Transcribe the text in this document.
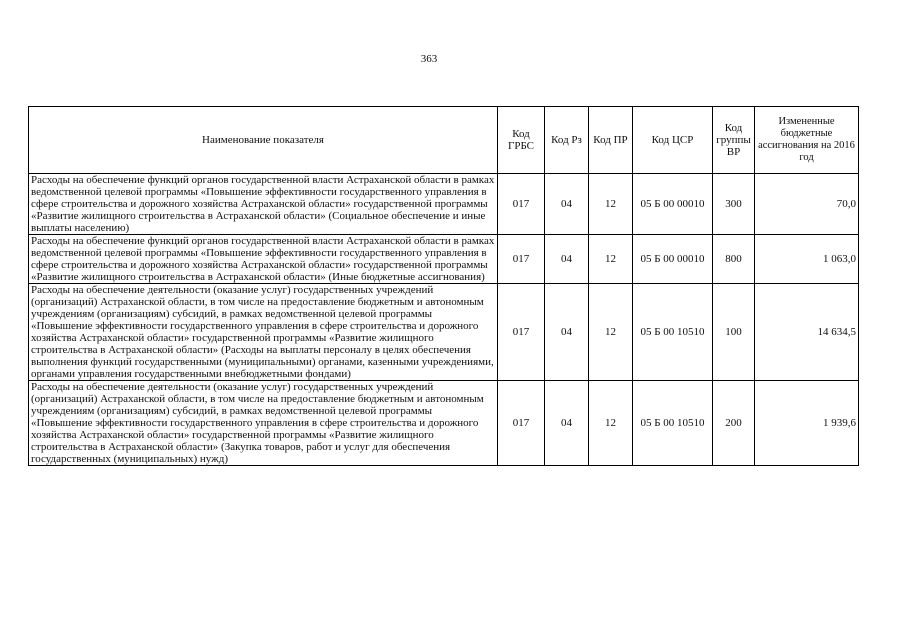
363
Наименование показателя	Код ГРБС	Код Рз	Код ПР	Код ЦСР	Код группы ВР	Измененные бюджетные ассигнования на 2016 год
Расходы на обеспечение функций органов государственной власти Астраханской области в рамках ведомственной целевой программы «Повышение эффективности государственного управления в сфере строительства и дорожного хозяйства Астраханской области» государственной программы «Развитие жилищного строительства в Астраханской области» (Социальное обеспечение и иные выплаты населению)	017	04	12	05 Б 00 00010	300	70,0
Расходы на обеспечение функций органов государственной власти Астраханской области в рамках ведомственной целевой программы «Повышение эффективности государственного управления в сфере строительства и дорожного хозяйства Астраханской области» государственной программы «Развитие жилищного строительства в Астраханской области» (Иные бюджетные ассигнования)	017	04	12	05 Б 00 00010	800	1 063,0
Расходы на обеспечение деятельности (оказание услуг) государственных учреждений (организаций) Астраханской области, в том числе на предоставление бюджетным и автономным учреждениям (организациям) субсидий, в рамках ведомственной целевой программы «Повышение эффективности государственного управления в сфере строительства и дорожного хозяйства Астраханской области» государственной программы «Развитие жилищного строительства в Астраханской области» (Расходы на выплаты персоналу в целях обеспечения выполнения функций государственными (муниципальными) органами, казенными учреждениями, органами управления государственными внебюджетными фондами)	017	04	12	05 Б 00 10510	100	14 634,5
Расходы на обеспечение деятельности (оказание услуг) государственных учреждений (организаций) Астраханской области, в том числе на предоставление бюджетным и автономным учреждениям (организациям) субсидий, в рамках ведомственной целевой программы «Повышение эффективности государственного управления в сфере строительства и дорожного хозяйства Астраханской области» государственной программы «Развитие жилищного строительства в Астраханской области» (Закупка товаров, работ и услуг для обеспечения государственных (муниципальных) нужд)	017	04	12	05 Б 00 10510	200	1 939,6
